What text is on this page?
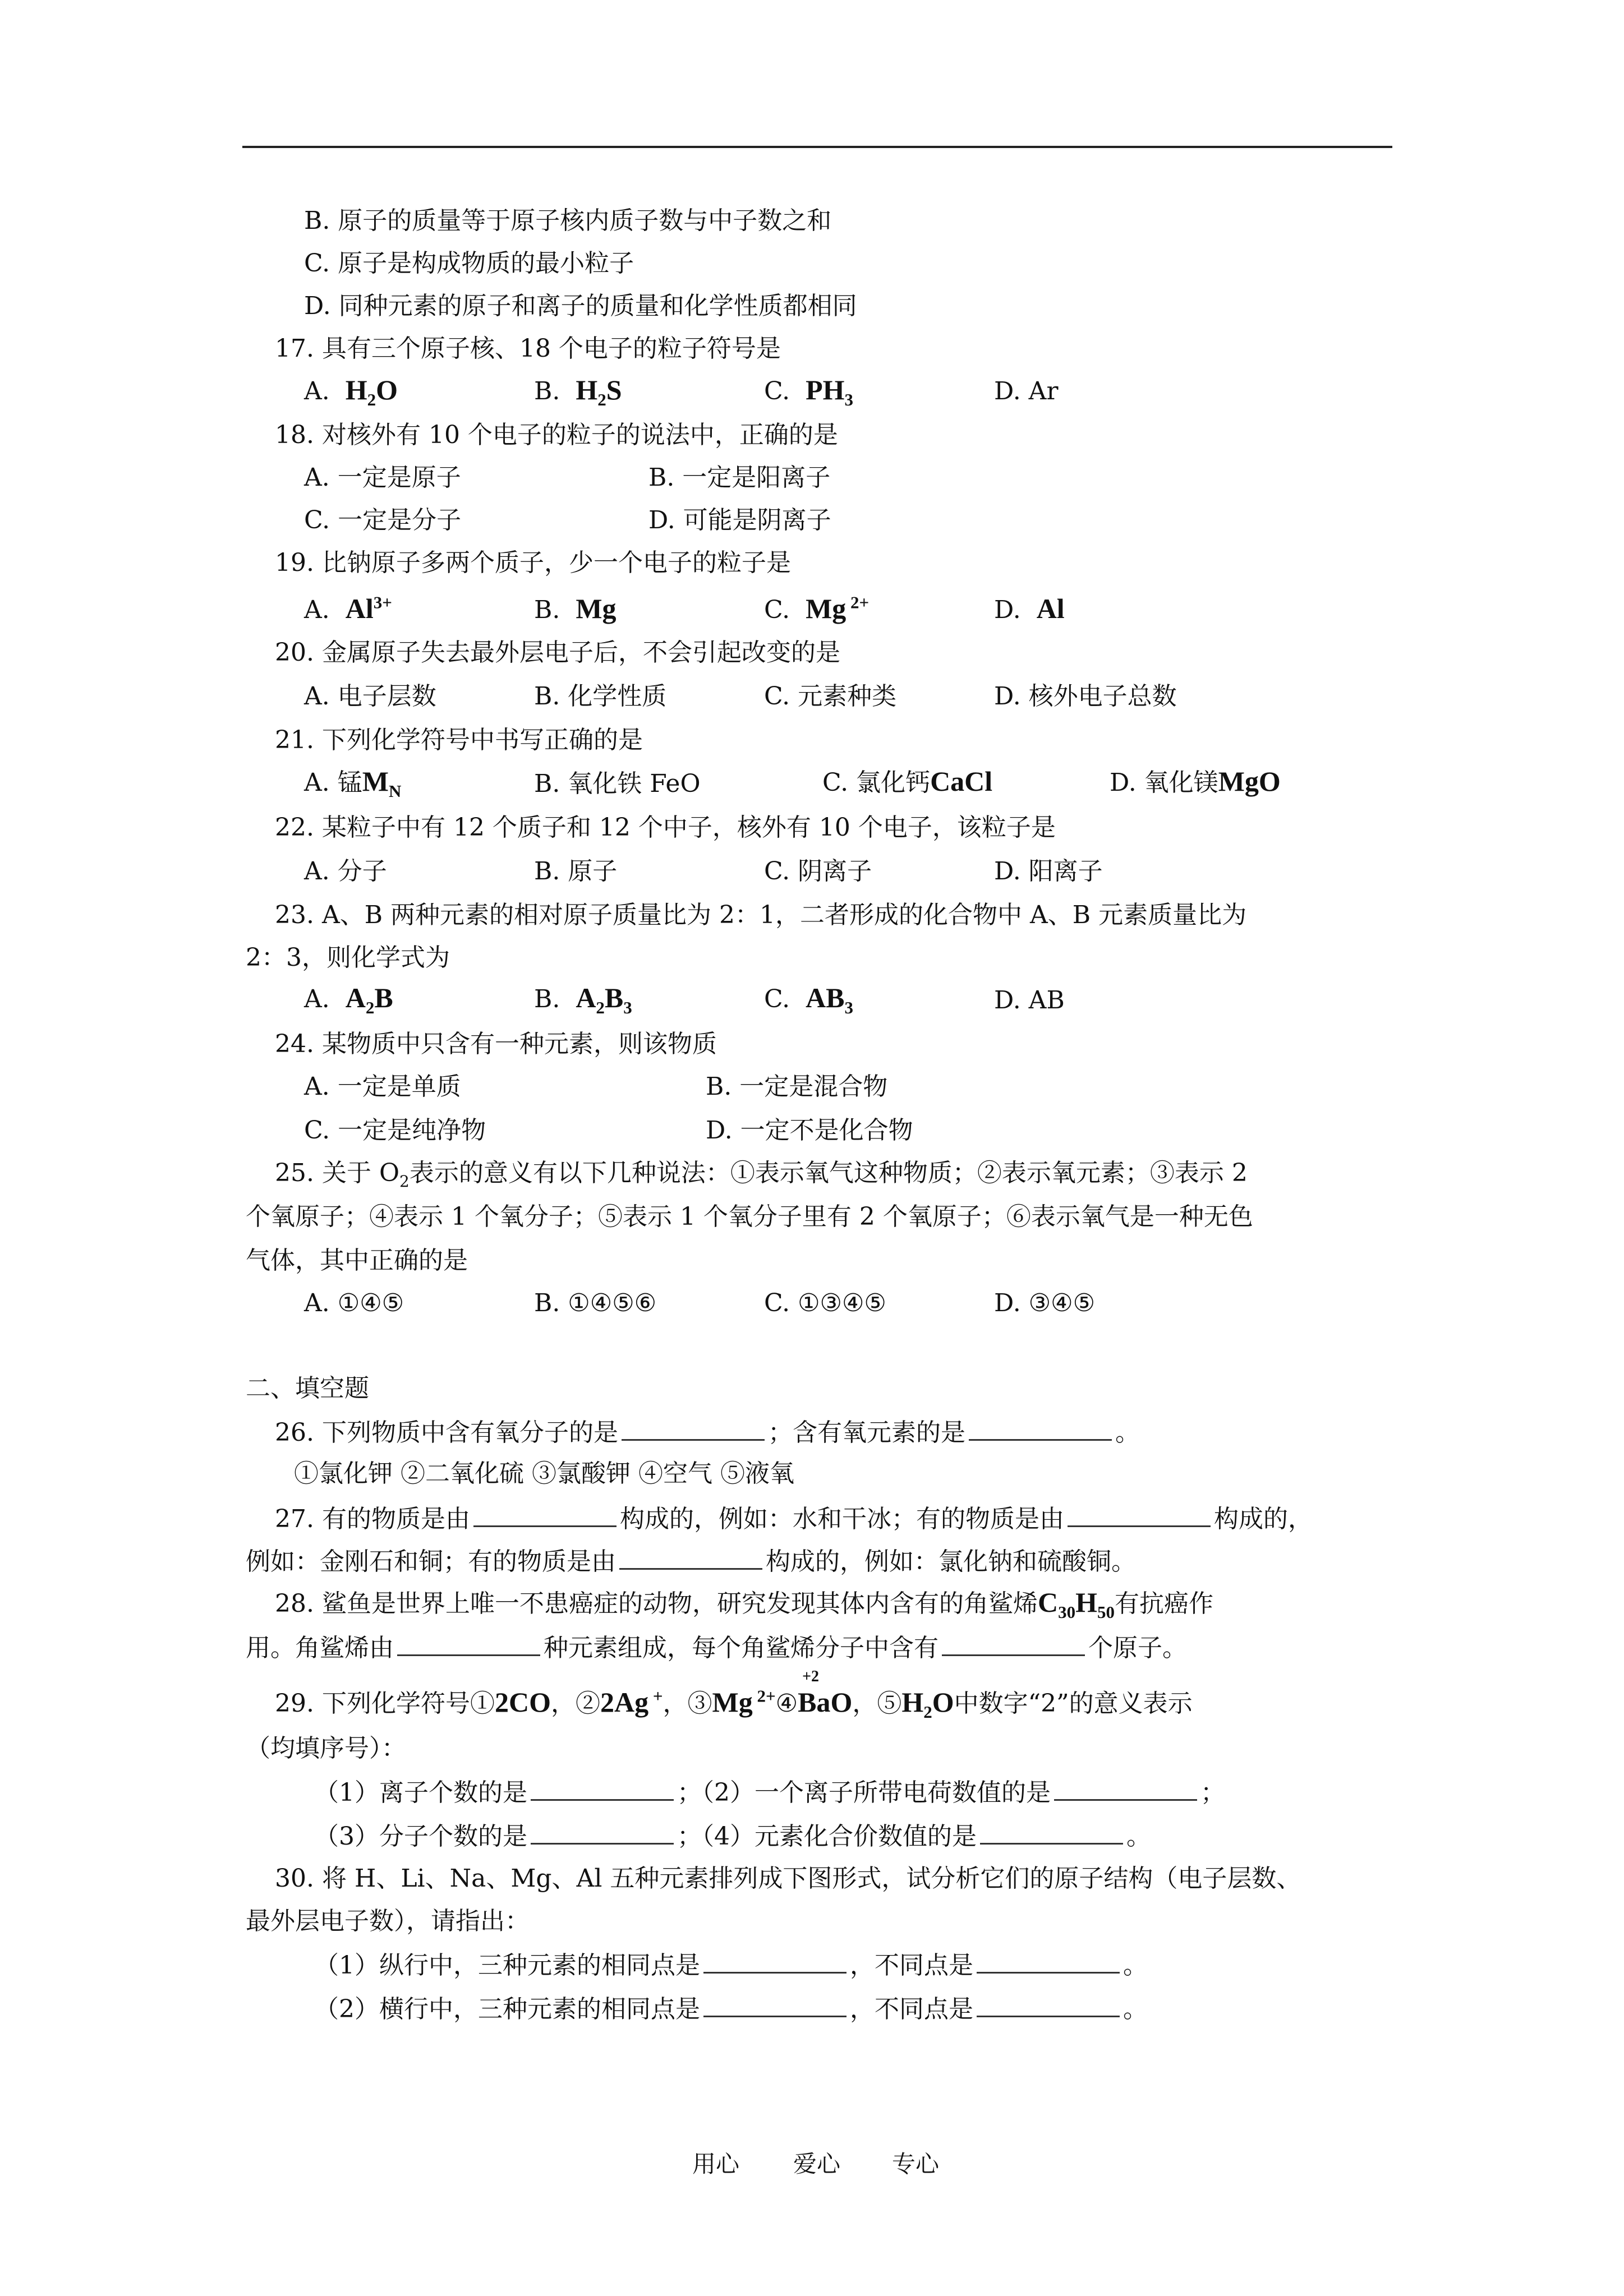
B. 原子的质量等于原子核内质子数与中子数之和
C. 原子是构成物质的最小粒子
D. 同种元素的原子和离子的质量和化学性质都相同
17. 具有三个原子核、18 个电子的粒子符号是
A. $H_2O$	B. $H_2S$	C. $PH_3$	D. Ar
18. 对核外有 10 个电子的粒子的说法中，正确的是
A. 一定是原子	B. 一定是阳离子
C. 一定是分子	D. 可能是阴离子
19. 比钠原子多两个质子，少一个电子的粒子是
A. $Al^{3+}$	B. Mg	C. Mg $^{2+}$	D. Al
20. 金属原子失去最外层电子后，不会引起改变的是
A. 电子层数	B. 化学性质	C. 元素种类	D. 核外电子总数
21. 下列化学符号中书写正确的是
A. 锰$M_N$	B. 氧化铁 FeO	C. 氯化钙CaCl	D. 氧化镁MgO
22. 某粒子中有 12 个质子和 12 个中子，核外有 10 个电子，该粒子是
A. 分子	B. 原子	C. 阴离子	D. 阳离子
23. A、B 两种元素的相对原子质量比为 2：1，二者形成的化合物中 A、B 元素质量比为
2：3，则化学式为
A. $A_2B$	B. $A_2B_3$	C. $AB_3$	D. AB
24. 某物质中只含有一种元素，则该物质
A. 一定是单质	B. 一定是混合物
C. 一定是纯净物	D. 一定不是化合物
25. 关于 $O_2$表示的意义有以下几种说法：①表示氧气这种物质；②表示氧元素；③表示 2
个氧原子；④表示 1 个氧分子；⑤表示 1 个氧分子里有 2 个氧原子；⑥表示氧气是一种无色
气体，其中正确的是
A. ①④⑤	B. ①④⑤⑥	C. ①③④⑤	D. ③④⑤
二、填空题
26. 下列物质中含有氧分子的是	；含有氧元素的是	。
①氯化钾 ②二氧化硫 ③氯酸钾 ④空气 ⑤液氧
27. 有的物质是由	构成的，例如：水和干冰；有的物质是由	构成的，
例如：金刚石和铜；有的物质是由	构成的，例如：氯化钠和硫酸铜。
28. 鲨鱼是世界上唯一不患癌症的动物，研究发现其体内含有的角鲨烯$C_{30}H_{50}$有抗癌作
用。角鲨烯由	种元素组成，每个角鲨烯分子中含有	个原子。
29. 下列化学符号①2CO，②2Ag +，③Mg $^{2+}$④Ba
+2
O，$⑤H_2O$中数字“2”的意义表示
（均填序号）：
（1）离子个数的是	；（2）一个离子所带电荷数值的是	；
（3）分子个数的是	；（4）元素化合价数值的是	。
30. 将 H、Li、Na、Mg、Al 五种元素排列成下图形式，试分析它们的原子结构（电子层数、
最外层电子数），请指出：
（1）纵行中，三种元素的相同点是	，不同点是	。
（2）横行中，三种元素的相同点是	，不同点是	。
用心 爱心 专心
